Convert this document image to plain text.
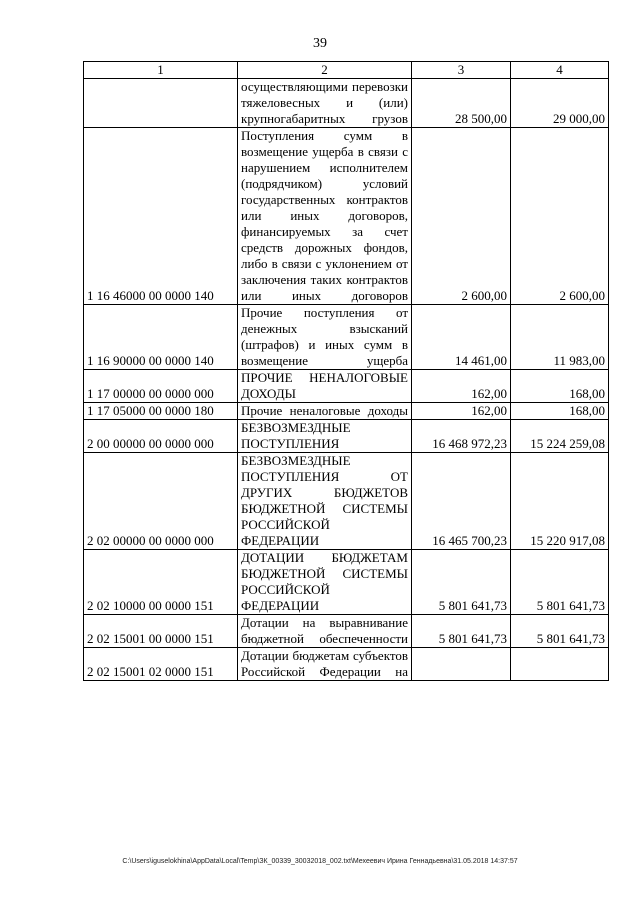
39
1	2	3	4
	осуществляющими перевозки тяжеловесных и (или) крупногабаритных грузов	28 500,00	29 000,00
1 16 46000 00 0000 140	Поступления сумм в возмещение ущерба в связи с нарушением исполнителем (подрядчиком) условий государственных контрактов или иных договоров, финансируемых за счет средств дорожных фондов, либо в связи с уклонением от заключения таких контрактов или иных договоров	2 600,00	2 600,00
1 16 90000 00 0000 140	Прочие поступления от денежных взысканий (штрафов) и иных сумм в возмещение ущерба	14 461,00	11 983,00
1 17 00000 00 0000 000	ПРОЧИЕ НЕНАЛОГОВЫЕ ДОХОДЫ	162,00	168,00
1 17 05000 00 0000 180	Прочие неналоговые доходы	162,00	168,00
2 00 00000 00 0000 000	БЕЗВОЗМЕЗДНЫЕ ПОСТУПЛЕНИЯ	16 468 972,23	15 224 259,08
2 02 00000 00 0000 000	БЕЗВОЗМЕЗДНЫЕ ПОСТУПЛЕНИЯ ОТ ДРУГИХ БЮДЖЕТОВ БЮДЖЕТНОЙ СИСТЕМЫ РОССИЙСКОЙ ФЕДЕРАЦИИ	16 465 700,23	15 220 917,08
2 02 10000 00 0000 151	ДОТАЦИИ БЮДЖЕТАМ БЮДЖЕТНОЙ СИСТЕМЫ РОССИЙСКОЙ ФЕДЕРАЦИИ	5 801 641,73	5 801 641,73
2 02 15001 00 0000 151	Дотации на выравнивание бюджетной обеспеченности	5 801 641,73	5 801 641,73
2 02 15001 02 0000 151	Дотации бюджетам субъектов Российской Федерации на		
C:\Users\iguselokhina\AppData\Local\Temp\ЗК_00339_30032018_002.txt\Мехеевич Ирина Геннадьевна\31.05.2018 14:37:57
